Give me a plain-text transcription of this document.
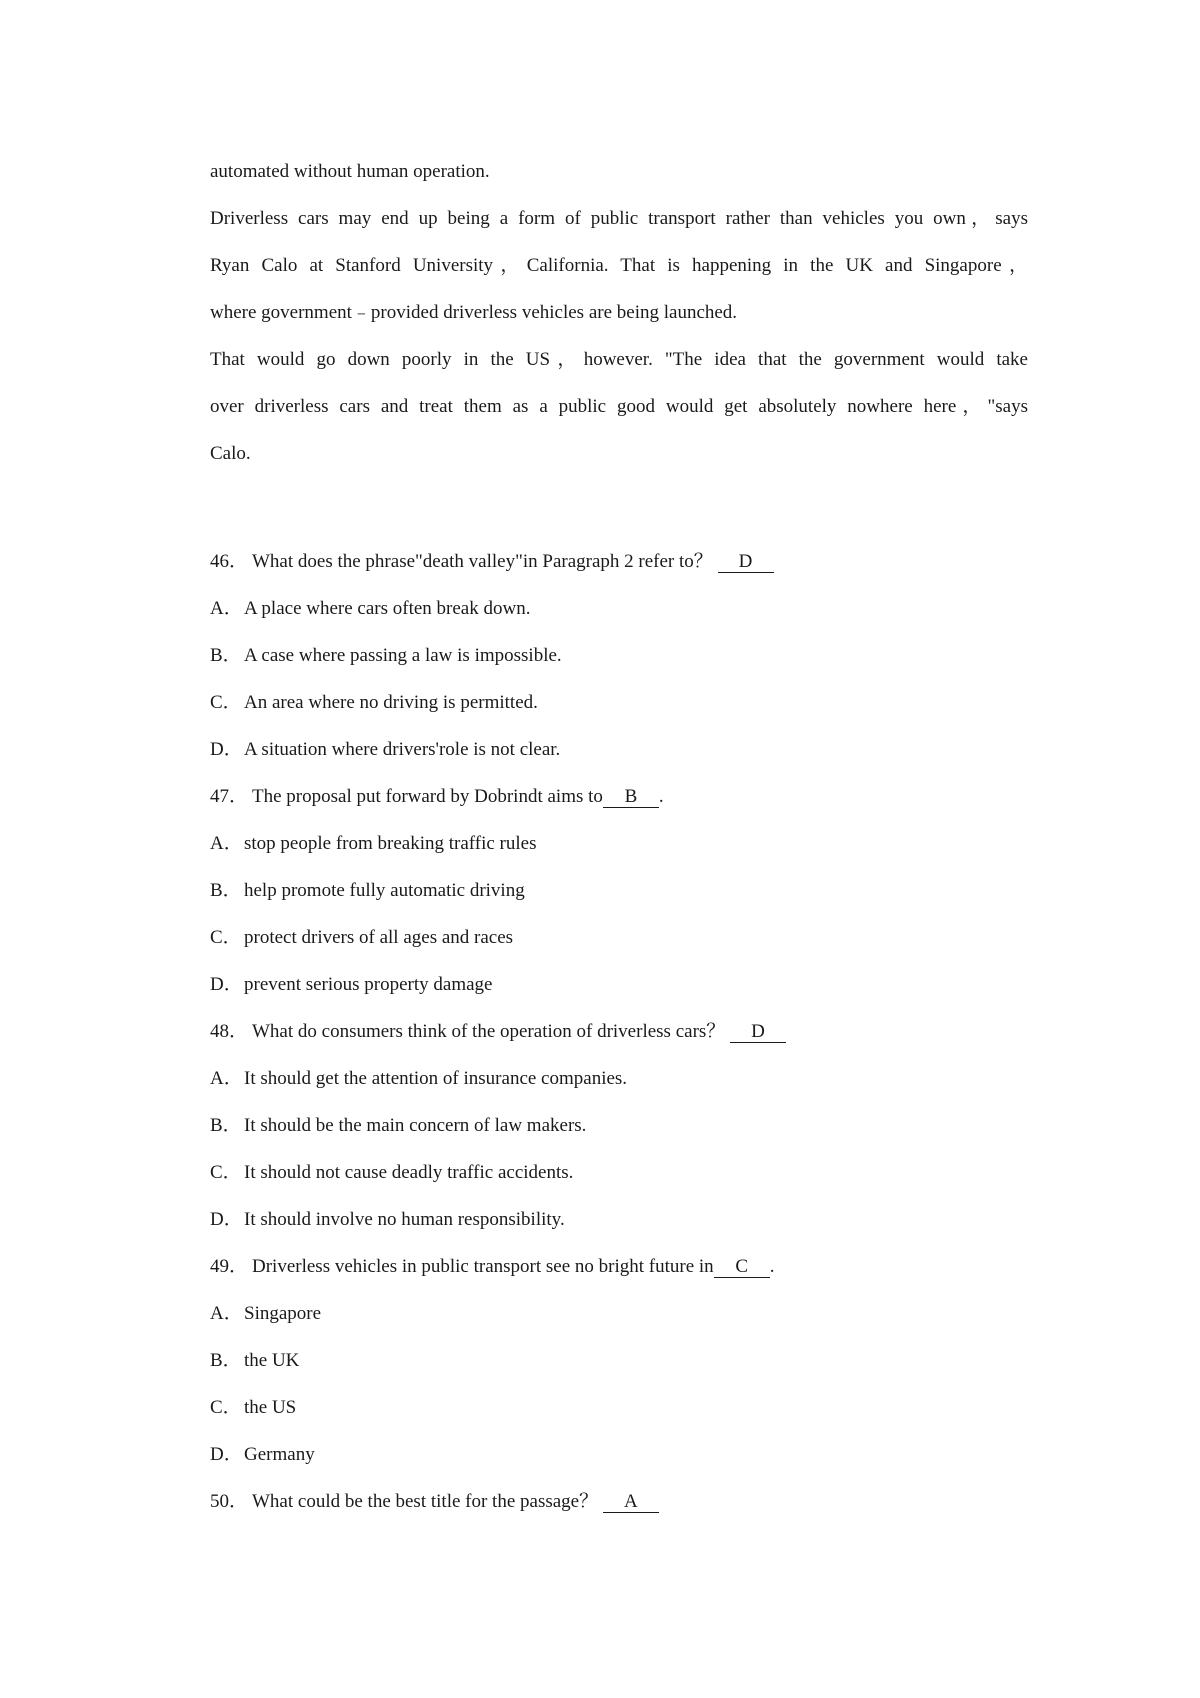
automated without human operation.
Driverless cars may end up being a form of public transport rather than vehicles you own，says
Ryan Calo at Stanford University，California. That is happening in the UK and Singapore，
where government﹣provided driverless vehicles are being launched.
That would go down poorly in the US，however. "The idea that the government would take
over driverless cars and treat them as a public good would get absolutely nowhere here，"says
Calo.
46． What does the phrase"death valley"in Paragraph 2 refer to？ D
A．A place where cars often break down.
B． A case where passing a law is impossible.
C． An area where no driving is permitted.
D．A situation where drivers'role is not clear.
47． The proposal put forward by Dobrindt aims to B .
A．stop people from breaking traffic rules
B． help promote fully automatic driving
C． protect drivers of all ages and races
D．prevent serious property damage
48． What do consumers think of the operation of driverless cars？ D
A．It should get the attention of insurance companies.
B． It should be the main concern of law makers.
C． It should not cause deadly traffic accidents.
D．It should involve no human responsibility.
49． Driverless vehicles in public transport see no bright future in C .
A．Singapore
B． the UK
C． the US
D．Germany
50． What could be the best title for the passage？ A
